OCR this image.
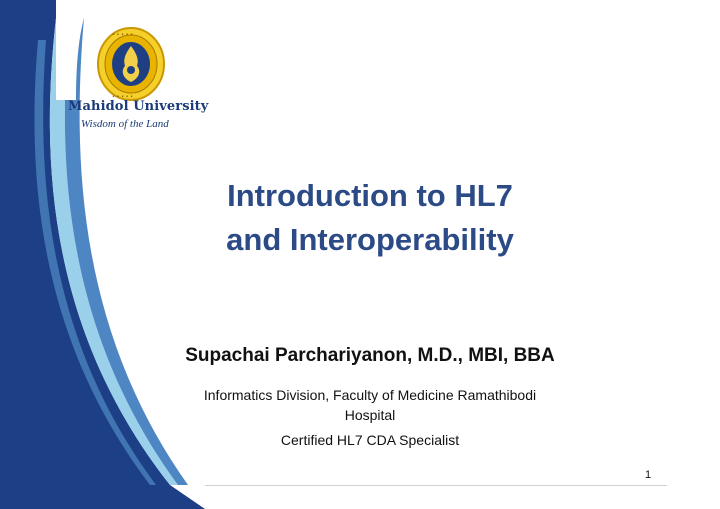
• • • • •
• • • • •
Mahidol University
Wisdom of the Land
Introduction to HL7
and Interoperability
Supachai Parchariyanon, M.D., MBI, BBA
Informatics Division, Faculty of Medicine Ramathibodi
Hospital
Certified HL7 CDA Specialist
1
